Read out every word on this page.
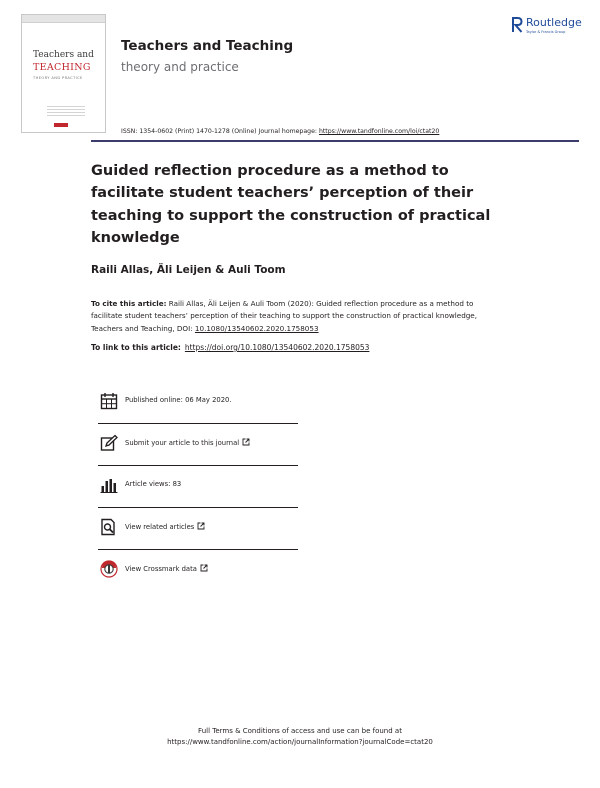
Teachers and
TEACHING
THEORY AND PRACTICE
Teachers and Teaching
theory and practice
Routledge
Taylor & Francis Group
ISSN: 1354-0602 (Print) 1470-1278 (Online) Journal homepage: https://www.tandfonline.com/loi/ctat20
Guided reflection procedure as a method to facilitate student teachers’ perception of their teaching to support the construction of practical knowledge
Raili Allas, Äli Leijen & Auli Toom
To cite this article: Raili Allas, Äli Leijen & Auli Toom (2020): Guided reflection procedure as a method to facilitate student teachers’ perception of their teaching to support the construction of practical knowledge, Teachers and Teaching, DOI: 10.1080/13540602.2020.1758053
To link to this article: https://doi.org/10.1080/13540602.2020.1758053
Published online: 06 May 2020.
Submit your article to this journal
Article views: 83
View related articles
View Crossmark data
Full Terms & Conditions of access and use can be found at
https://www.tandfonline.com/action/journalInformation?journalCode=ctat20
